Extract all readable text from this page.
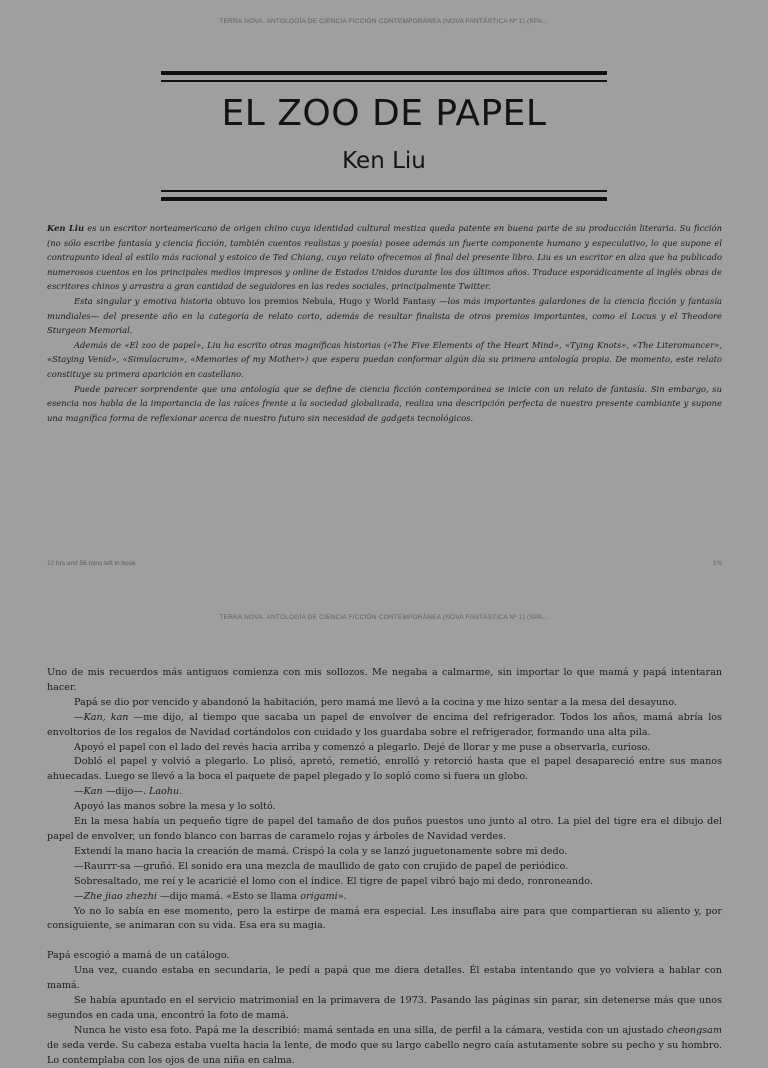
TERRA NOVA. ANTOLOGÍA DE CIENCIA FICCIÓN CONTEMPORÁNEA (NOVA FANTÁSTICA Nº 1) (SPA...
EL ZOO DE PAPEL
Ken Liu

Ken Liu es un escritor norteamericano de origen chino cuya identidad cultural mestiza queda patente en buena parte de su producción literaria. Su ficción (no sólo escribe fantasía y ciencia ficción, también cuentos realistas y poesía) posee además un fuerte componente humano y especulativo, lo que supone el contrapunto ideal al estilo más racional y estoico de Ted Chiang, cuyo relato ofrecemos al final del presente libro. Liu es un escritor en alza que ha publicado numerosos cuentos en los principales medios impresos y online de Estados Unidos durante los dos últimos años. Traduce esporádicamente al inglés obras de escritores chinos y arrastra a gran cantidad de seguidores en las redes sociales, principalmente Twitter.

Esta singular y emotiva historia obtuvo los premios Nebula, Hugo y World Fantasy —los más importantes galardones de la ciencia ficción y fantasía mundiales— del presente año en la categoría de relato corto, además de resultar finalista de otros premios importantes, como el Locus y el Theodore Sturgeon Memorial.

Además de «El zoo de papel», Liu ha escrito otras magníficas historias («The Five Elements of the Heart Mind», «Tying Knots», «The Literomancer», «Staying Venid», «Simulacrum», «Memories of my Mother») que espera puedan conformar algún día su primera antología propia. De momento, este relato constituye su primera aparición en castellano.

Puede parecer sorprendente que una antología que se define de ciencia ficción contemporánea se inicie con un relato de fantasía. Sin embargo, su esencia nos habla de la importancia de las raíces frente a la sociedad globalizada, realiza una descripción perfecta de nuestro presente cambiante y supone una magnífica forma de reflexionar acerca de nuestro futuro sin necesidad de gadgets tecnológicos.

12 hrs and 56 mins left in book	1%
TERRA NOVA. ANTOLOGÍA DE CIENCIA FICCIÓN CONTEMPORÁNEA (NOVA FANTÁSTICA Nº 1) (SPA...

Uno de mis recuerdos más antiguos comienza con mis sollozos. Me negaba a calmarme, sin importar lo que mamá y papá intentaran hacer.

Papá se dio por vencido y abandonó la habitación, pero mamá me llevó a la cocina y me hizo sentar a la mesa del desayuno.

—Kan, kan —me dijo, al tiempo que sacaba un papel de envolver de encima del refrigerador. Todos los años, mamá abría los envoltorios de los regalos de Navidad cortándolos con cuidado y los guardaba sobre el refrigerador, formando una alta pila.

Apoyó el papel con el lado del revés hacia arriba y comenzó a plegarlo. Dejé de llorar y me puse a observarla, curioso.

Dobló el papel y volvió a plegarlo. Lo plisó, apretó, remetió, enrolló y retorció hasta que el papel desapareció entre sus manos ahuecadas. Luego se llevó a la boca el paquete de papel plegado y lo sopló como si fuera un globo.

—Kan —dijo—. Laohu.

Apoyó las manos sobre la mesa y lo soltó.

En la mesa había un pequeño tigre de papel del tamaño de dos puños puestos uno junto al otro. La piel del tigre era el dibujo del papel de envolver, un fondo blanco con barras de caramelo rojas y árboles de Navidad verdes.

Extendí la mano hacia la creación de mamá. Crispó la cola y se lanzó juguetonamente sobre mi dedo.

—Raurrr-sa —gruñó. El sonido era una mezcla de maullido de gato con crujido de papel de periódico.

Sobresaltado, me reí y le acaricié el lomo con el índice. El tigre de papel vibró bajo mi dedo, ronroneando.

—Zhe jiao zhezhi —dijo mamá. «Esto se llama origami».

Yo no lo sabía en ese momento, pero la estirpe de mamá era especial. Les insuflaba aire para que compartieran su aliento y, por consiguiente, se animaran con su vida. Esa era su magia.

Papá escogió a mamá de un catálogo.

Una vez, cuando estaba en secundaria, le pedí a papá que me diera detalles. Él estaba intentando que yo volviera a hablar con mamá.

Se había apuntado en el servicio matrimonial en la primavera de 1973. Pasando las páginas sin parar, sin detenerse más que unos segundos en cada una, encontró la foto de mamá.

Nunca he visto esa foto. Papá me la describió: mamá sentada en una silla, de perfil a la cámara, vestida con un ajustado cheongsam de seda verde. Su cabeza estaba vuelta hacia la lente, de modo que su largo cabello negro caía astutamente sobre su pecho y su hombro. Lo contemplaba con los ojos de una niña en calma.
